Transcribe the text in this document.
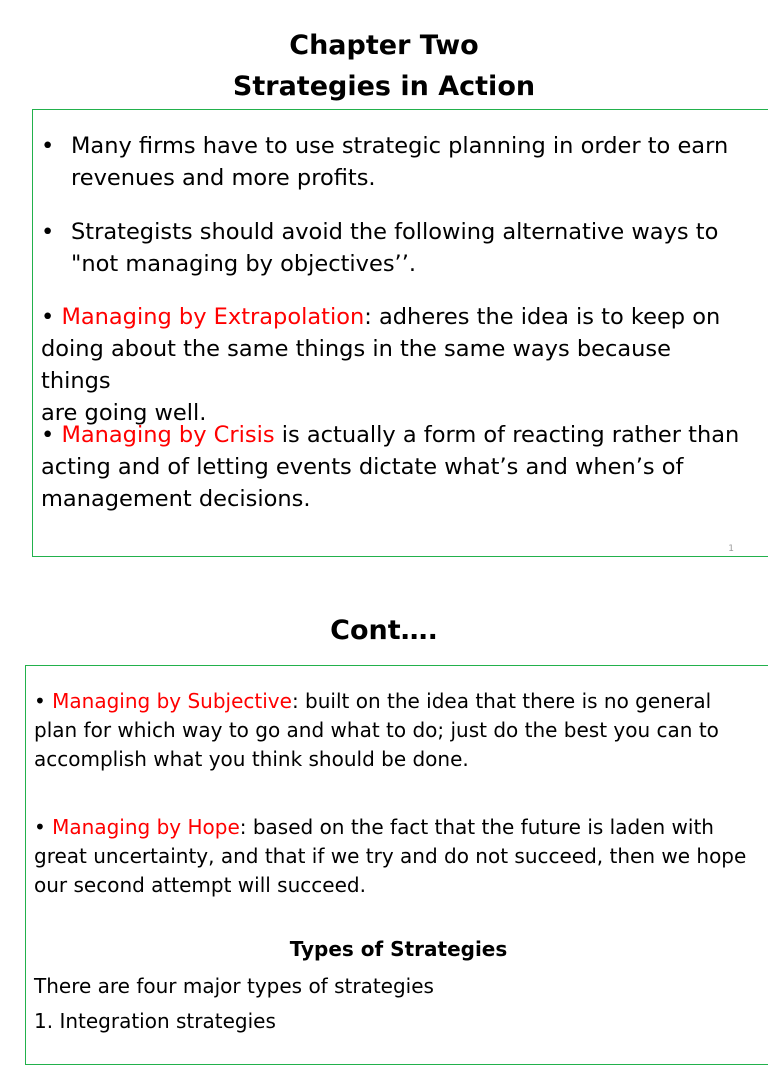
Chapter Two
Strategies in Action
• Many firms have to use strategic planning in order to earn
revenues and more profits.
• Strategists should avoid the following alternative ways to
"not managing by objectives’’.
• Managing by Extrapolation: adheres the idea is to keep on
doing about the same things in the same ways because things
are going well.
• Managing by Crisis is actually a form of reacting rather than
acting and of letting events dictate what’s and when’s of
management decisions.
1
Cont….
• Managing by Subjective: built on the idea that there is no general
plan for which way to go and what to do; just do the best you can to
accomplish what you think should be done.
• Managing by Hope: based on the fact that the future is laden with
great uncertainty, and that if we try and do not succeed, then we hope
our second attempt will succeed.
Types of Strategies
There are four major types of strategies
1. Integration strategies
